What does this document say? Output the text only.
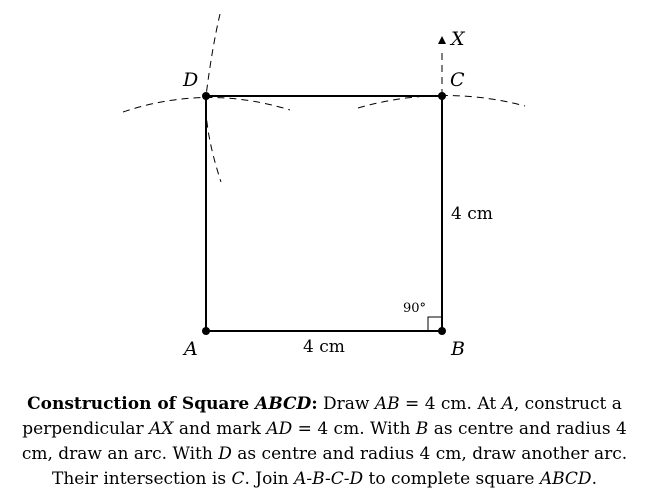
A	B
C
D
X
4 cm
4 cm
90°
Construction of Square ABCD: Draw AB = 4 cm. At A, construct a perpendicular AX and mark AD = 4 cm. With B as centre and radius 4 cm, draw an arc. With D as centre and radius 4 cm, draw another arc. Their intersection is C. Join A-B-C-D to complete square ABCD.
